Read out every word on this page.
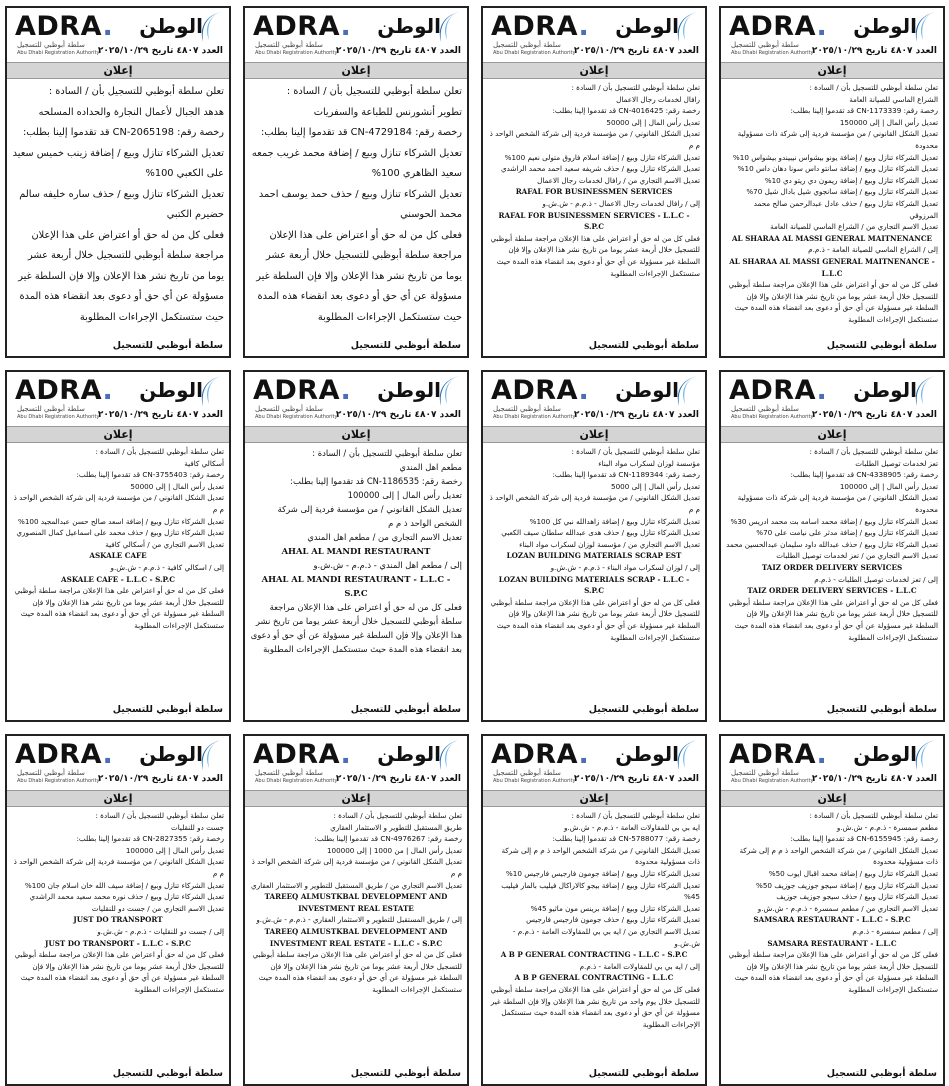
ADRA.
سلطة أبوظبي للتسجيل
Abu Dhabi Registration Authority
الوطن
العدد ٤٨٠٧ تاريخ ٢٠٢٥/١٠/٢٩
إعلان

تعلن سلطة أبوظبي للتسجيل بأن / السادة :

الشراع الماسي للصيانة العامة

رخصة رقم: CN-1173339 قد تقدموا إلينا بطلب:

تعديل رأس المال | إلى 150000

تعديل الشكل القانوني / من مؤسسة فردية إلى شركة ذات مسؤولية محدودة

تعديل الشركاء تنازل وبيع / إضافة يونو بيشواس نيبيندو بيشواس 10%

تعديل الشركاء تنازل وبيع / إضافة سانتو داس سونا دهان داس 10%

تعديل الشركاء تنازل وبيع / إضافة ريمون دي ريتو دي 10%

تعديل الشركاء تنازل وبيع / إضافة سانجوي شيل بادال شيل 70%

تعديل الشركاء تنازل وبيع / حذف عادل عبدالرحمن صالح محمد المرزوقي

تعديل الاسم التجاري من / الشراع الماسي للصيانة العامة

AL SHARAA AL MASSI GENERAL MAITNENANCE

إلى / الشراع الماسي للصيانة العامة - ذ.م.م

AL SHARAA AL MASSI GENERAL MAITNENANCE - L.L.C

فعلى كل من له حق أو اعتراض على هذا الإعلان مراجعة سلطة أبوظبي للتسجيل خلال أربعة عشر يوما من تاريخ نشر هذا الإعلان وإلا فإن السلطة غير مسؤولة عن أي حق أو دعوى بعد انقضاء هذه المدة حيث ستستكمل الإجراءات المطلوبة

سلطة أبوظبي للتسجيل
ADRA.
سلطة أبوظبي للتسجيل
Abu Dhabi Registration Authority
الوطن
العدد ٤٨٠٧ تاريخ ٢٠٢٥/١٠/٢٩
إعلان

تعلن سلطة أبوظبي للتسجيل بأن / السادة :

رافال لخدمات رجال الاعمال

رخصة رقم: CN-4016425 قد تقدموا إلينا بطلب:

تعديل رأس المال | إلى 50000

تعديل الشكل القانوني / من مؤسسة فردية إلى شركة الشخص الواحد ذ م م

تعديل الشركاء تنازل وبيع / إضافة اسلام فاروق متولى نعيم 100%

تعديل الشركاء تنازل وبيع / حذف شريفه سعيد احمد محمد الراشدي

تعديل الاسم التجاري من / رافال لخدمات رجال الاعمال

RAFAL FOR BUSINESSMEN SERVICES

إلى / رافال لخدمات رجال الاعمال - ذ.م.م - ش.ش.و

RAFAL FOR BUSINESSMEN SERVICES - L.L.C - S.P.C

فعلى كل من له حق أو اعتراض على هذا الإعلان مراجعة سلطة أبوظبي للتسجيل خلال أربعة عشر يوما من تاريخ نشر هذا الإعلان وإلا فإن السلطة غير مسؤولة عن أي حق أو دعوى بعد انقضاء هذه المدة حيث ستستكمل الإجراءات المطلوبة

سلطة أبوظبي للتسجيل
ADRA.
سلطة أبوظبي للتسجيل
Abu Dhabi Registration Authority
الوطن
العدد ٤٨٠٧ تاريخ ٢٠٢٥/١٠/٢٩
إعلان

تعلن سلطة أبوظبي للتسجيل بأن / السادة :

تطوير أنشورنس للطباعة والسفريات

رخصة رقم: CN-4729184 قد تقدموا إلينا بطلب:

تعديل الشركاء تنازل وبيع / إضافة محمد غريب جمعه سعيد الظاهري 100%

تعديل الشركاء تنازل وبيع / حذف حمد يوسف احمد محمد الحوسني

فعلى كل من له حق أو اعتراض على هذا الإعلان مراجعة سلطة أبوظبي للتسجيل خلال أربعة عشر يوما من تاريخ نشر هذا الإعلان وإلا فإن السلطة غير مسؤولة عن أي حق أو دعوى بعد انقضاء هذه المدة حيث ستستكمل الإجراءات المطلوبة

سلطة أبوظبي للتسجيل
ADRA.
سلطة أبوظبي للتسجيل
Abu Dhabi Registration Authority
الوطن
العدد ٤٨٠٧ تاريخ ٢٠٢٥/١٠/٢٩
إعلان

تعلن سلطة أبوظبي للتسجيل بأن / السادة :

هدهد الجبال لأعمال النجارة والحداده المسلحه

رخصة رقم: CN-2065198 قد تقدموا إلينا بطلب:

تعديل الشركاء تنازل وبيع / إضافة زينب خميس سعيد على الكعبي 100%

تعديل الشركاء تنازل وبيع / حذف ساره خليفه سالم حضيرم الكتبي

فعلى كل من له حق أو اعتراض على هذا الإعلان مراجعة سلطة أبوظبي للتسجيل خلال أربعة عشر يوما من تاريخ نشر هذا الإعلان وإلا فإن السلطة غير مسؤولة عن أي حق أو دعوى بعد انقضاء هذه المدة حيث ستستكمل الإجراءات المطلوبة

سلطة أبوظبي للتسجيل
ADRA.
سلطة أبوظبي للتسجيل
Abu Dhabi Registration Authority
الوطن
العدد ٤٨٠٧ تاريخ ٢٠٢٥/١٠/٢٩
إعلان

تعلن سلطة أبوظبي للتسجيل بأن / السادة :

تعز لخدمات توصيل الطلبات

رخصة رقم: CN-4338905 قد تقدموا إلينا بطلب:

تعديل رأس المال | إلى 100000

تعديل الشكل القانوني / من مؤسسة فردية إلى شركة ذات مسؤولية محدودة

تعديل الشركاء تنازل وبيع / إضافة محمد اسامه بت محمد ادريس 30%

تعديل الشركاء تنازل وبيع / إضافة مدثر على نيامت على 70%

تعديل الشركاء تنازل وبيع / حذف عبدالله داود سليمان عبدالحسين محمد

تعديل الاسم التجاري من / تعز لخدمات توصيل الطلبات

TAIZ ORDER DELIVERY SERVICES

إلى / تعز لخدمات توصيل الطلبات - ذ.م.م

TAIZ ORDER DELIVERY SERVICES - L.L.C

فعلى كل من له حق أو اعتراض على هذا الإعلان مراجعة سلطة أبوظبي للتسجيل خلال أربعة عشر يوما من تاريخ نشر هذا الإعلان وإلا فإن السلطة غير مسؤولة عن أي حق أو دعوى بعد انقضاء هذه المدة حيث ستستكمل الإجراءات المطلوبة

سلطة أبوظبي للتسجيل
ADRA.
سلطة أبوظبي للتسجيل
Abu Dhabi Registration Authority
الوطن
العدد ٤٨٠٧ تاريخ ٢٠٢٥/١٠/٢٩
إعلان

تعلن سلطة أبوظبي للتسجيل بأن / السادة :

مؤسسة لوزان لسكراب مواد البناء

رخصة رقم: CN-1189344 قد تقدموا إلينا بطلب:

تعديل رأس المال | إلى 5000

تعديل الشكل القانوني / من مؤسسة فردية إلى شركة الشخص الواحد ذ م م

تعديل الشركاء تنازل وبيع / إضافة زاهدالله نبي كل 100%

تعديل الشركاء تنازل وبيع / حذف هدى عبدالله سلطان سيف الكعبي

تعديل الاسم التجاري من / مؤسسة لوزان لسكراب مواد البناء

LOZAN BUILDING MATERIALS SCRAP EST

إلى / لوزان لسكراب مواد البناء - ذ.م.م - ش.ش.و

LOZAN BUILDING MATERIALS SCRAP - L.L.C - S.P.C

فعلى كل من له حق أو اعتراض على هذا الإعلان مراجعة سلطة أبوظبي للتسجيل خلال أربعة عشر يوما من تاريخ نشر هذا الإعلان وإلا فإن السلطة غير مسؤولة عن أي حق أو دعوى بعد انقضاء هذه المدة حيث ستستكمل الإجراءات المطلوبة

سلطة أبوظبي للتسجيل
ADRA.
سلطة أبوظبي للتسجيل
Abu Dhabi Registration Authority
الوطن
العدد ٤٨٠٧ تاريخ ٢٠٢٥/١٠/٢٩
إعلان

تعلن سلطة أبوظبي للتسجيل بأن / السادة :

مطعم اهل المندي

رخصة رقم: CN-1186535 قد تقدموا إلينا بطلب:

تعديل رأس المال | إلى 100000

تعديل الشكل القانوني / من مؤسسة فردية إلى شركة الشخص الواحد ذ م م

تعديل الاسم التجاري من / مطعم اهل المندي

AHAL AL MANDI RESTAURANT

إلى / مطعم اهل المندي - ذ.م.م - ش.ش.و

AHAL AL MANDI RESTAURANT - L.L.C - S.P.C

فعلى كل من له حق أو اعتراض على هذا الإعلان مراجعة سلطة أبوظبي للتسجيل خلال أربعة عشر يوما من تاريخ نشر هذا الإعلان وإلا فإن السلطة غير مسؤولة عن أي حق أو دعوى بعد انقضاء هذه المدة حيث ستستكمل الإجراءات المطلوبة

سلطة أبوظبي للتسجيل
ADRA.
سلطة أبوظبي للتسجيل
Abu Dhabi Registration Authority
الوطن
العدد ٤٨٠٧ تاريخ ٢٠٢٥/١٠/٢٩
إعلان

تعلن سلطة أبوظبي للتسجيل بأن / السادة :

أسكالي كافية

رخصة رقم: CN-3755403 قد تقدموا إلينا بطلب:

تعديل رأس المال | إلى 50000

تعديل الشكل القانوني / من مؤسسة فردية إلى شركة الشخص الواحد ذ م م

تعديل الشركاء تنازل وبيع / إضافة اسعد صالح حسن عبدالمجيد 100%

تعديل الشركاء تنازل وبيع / حذف محمد على اسماعيل كمال المنصوري

تعديل الاسم التجاري من / أسكالي كافية

ASKALE CAFE

إلى / اسكالي كافية - ذ.م.م - ش.ش.و

ASKALE CAFE - L.L.C - S.P.C

فعلى كل من له حق أو اعتراض على هذا الإعلان مراجعة سلطة أبوظبي للتسجيل خلال أربعة عشر يوما من تاريخ نشر هذا الإعلان وإلا فإن السلطة غير مسؤولة عن أي حق أو دعوى بعد انقضاء هذه المدة حيث ستستكمل الإجراءات المطلوبة

سلطة أبوظبي للتسجيل
ADRA.
سلطة أبوظبي للتسجيل
Abu Dhabi Registration Authority
الوطن
العدد ٤٨٠٧ تاريخ ٢٠٢٥/١٠/٢٩
إعلان

تعلن سلطة أبوظبي للتسجيل بأن / السادة :

مطعم سمسرة - ذ.م.م - ش.ش.و

رخصة رقم: CN-6155945 قد تقدموا إلينا بطلب:

تعديل الشكل القانوني / من شركة الشخص الواحد ذ م م إلى شركة ذات مسؤولية محدودة

تعديل الشركاء تنازل وبيع / إضافة محمد اقبال ايوب 50%

تعديل الشركاء تنازل وبيع / إضافة سيجو جوزيف جوزيف 50%

تعديل الشركاء تنازل وبيع / حذف سيجو جوزيف جوزيف

تعديل الاسم التجاري من / مطعم سمسرة - ذ.م.م - ش.ش.و

SAMSARA RESTAURANT - L.L.C - S.P.C

إلى / مطعم سمسرة - ذ.م.م

SAMSARA RESTAURANT - L.L.C

فعلى كل من له حق أو اعتراض على هذا الإعلان مراجعة سلطة أبوظبي للتسجيل خلال أربعة عشر يوما من تاريخ نشر هذا الإعلان وإلا فإن السلطة غير مسؤولة عن أي حق أو دعوى بعد انقضاء هذه المدة حيث ستستكمل الإجراءات المطلوبة

سلطة أبوظبي للتسجيل
ADRA.
سلطة أبوظبي للتسجيل
Abu Dhabi Registration Authority
الوطن
العدد ٤٨٠٧ تاريخ ٢٠٢٥/١٠/٢٩
إعلان

تعلن سلطة أبوظبي للتسجيل بأن / السادة :

ايه بي بي للمقاولات العامة - ذ.م.م - ش.ش.و

رخصة رقم: CN-5788077 قد تقدموا إلينا بطلب:

تعديل الشكل القانوني / من شركة الشخص الواحد ذ م م إلى شركة ذات مسؤولية محدودة

تعديل الشركاء تنازل وبيع / إضافة جومون فارجيس فارجيس 10%

تعديل الشركاء تنازل وبيع / إضافة بيجو كالاراكال فيليب بالمار فيليب 45%

تعديل الشركاء تنازل وبيع / إضافة برينس مون ماثيو 45%

تعديل الشركاء تنازل وبيع / حذف جومون فارجيس فارجيس

تعديل الاسم التجاري من / ايه بي بي للمقاولات العامة - ذ.م.م - ش.ش.و

A B P GENERAL CONTRACTING - L.L.C - S.P.C

إلى / ايه بي بي للمقاولات العامة - ذ.م.م

A B P GENERAL CONTRACTING - L.L.C

فعلى كل من له حق أو اعتراض على هذا الإعلان مراجعة سلطة أبوظبي للتسجيل خلال يوم واحد من تاريخ نشر هذا الإعلان وإلا فإن السلطة غير مسؤولة عن أي حق أو دعوى بعد انقضاء هذه المدة حيث ستستكمل الإجراءات المطلوبة

سلطة أبوظبي للتسجيل
ADRA.
سلطة أبوظبي للتسجيل
Abu Dhabi Registration Authority
الوطن
العدد ٤٨٠٧ تاريخ ٢٠٢٥/١٠/٢٩
إعلان

تعلن سلطة أبوظبي للتسجيل بأن / السادة :

طريق المستقبل للتطوير و الاستثمار العقاري

رخصة رقم: CN-4976267 قد تقدموا إلينا بطلب:

تعديل رأس المال | من 1000 | إلى 100000

تعديل الشكل القانوني / من مؤسسة فردية إلى شركة الشخص الواحد ذ م م

تعديل الاسم التجاري من / طريق المستقبل للتطوير و الاستثمار العقاري

TAREEQ ALMUSTKBAL DEVELOPMENT AND INVESTMENT REAL ESTATE

إلى / طريق المستقبل للتطوير و الاستثمار العقاري - ذ.م.م - ش.ش.و

TAREEQ ALMUSTKBAL DEVELOPMENT AND INVESTMENT REAL ESTATE - L.L.C - S.P.C

فعلى كل من له حق أو اعتراض على هذا الإعلان مراجعة سلطة أبوظبي للتسجيل خلال أربعة عشر يوما من تاريخ نشر هذا الإعلان وإلا فإن السلطة غير مسؤولة عن أي حق أو دعوى بعد انقضاء هذه المدة حيث ستستكمل الإجراءات المطلوبة

سلطة أبوظبي للتسجيل
ADRA.
سلطة أبوظبي للتسجيل
Abu Dhabi Registration Authority
الوطن
العدد ٤٨٠٧ تاريخ ٢٠٢٥/١٠/٢٩
إعلان

تعلن سلطة أبوظبي للتسجيل بأن / السادة :

جست دو للنقليات

رخصة رقم: CN-2827355 قد تقدموا إلينا بطلب:

تعديل رأس المال | إلى 100000

تعديل الشكل القانوني / من مؤسسة فردية إلى شركة الشخص الواحد ذ م م

تعديل الشركاء تنازل وبيع / إضافة سيف الله خان اسلام جان 100%

تعديل الشركاء تنازل وبيع / حذف نوره محمد سعيد محمد الراشدي

تعديل الاسم التجاري من / جست دو للنقليات

JUST DO TRANSPORT

إلى / جست دو للنقليات - ذ.م.م - ش.ش.و

JUST DO TRANSPORT - L.L.C - S.P.C

فعلى كل من له حق أو اعتراض على هذا الإعلان مراجعة سلطة أبوظبي للتسجيل خلال أربعة عشر يوما من تاريخ نشر هذا الإعلان وإلا فإن السلطة غير مسؤولة عن أي حق أو دعوى بعد انقضاء هذه المدة حيث ستستكمل الإجراءات المطلوبة

سلطة أبوظبي للتسجيل
